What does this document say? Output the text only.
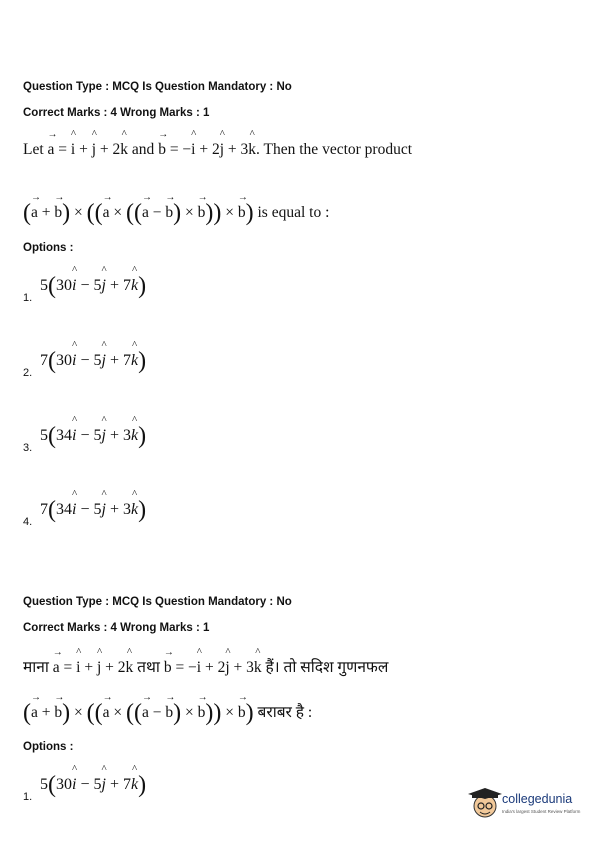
Question Type : MCQ Is Question Mandatory : No
Correct Marks : 4 Wrong Marks : 1
Let → a = ^ i + ^ j + 2^ k and → b = −^ i + 2^ j + 3^ k. Then the vector product
(→ a + → b) × ((→ a × ((→ a − → b) × → b)) × → b) is equal to :
Options :
5(30^ i − 5^ j + 7^ k)
1.
7(30^ i − 5^ j + 7^ k)
2.
5(34^ i − 5^ j + 3^ k)
3.
7(34^ i − 5^ j + 3^ k)
4.
Question Type : MCQ Is Question Mandatory : No
Correct Marks : 4 Wrong Marks : 1
माना → a = ^ i + ^ j + 2^ k तथा → b = −^ i + 2^ j + 3^ k हैं। तो सदिश गुणनफल
(→ a + → b) × ((→ a × ((→ a − → b) × → b)) × → b) बराबर है :
Options :
5(30^ i − 5^ j + 7^ k)
1.	collegedunia
India's largest Student Review Platform
